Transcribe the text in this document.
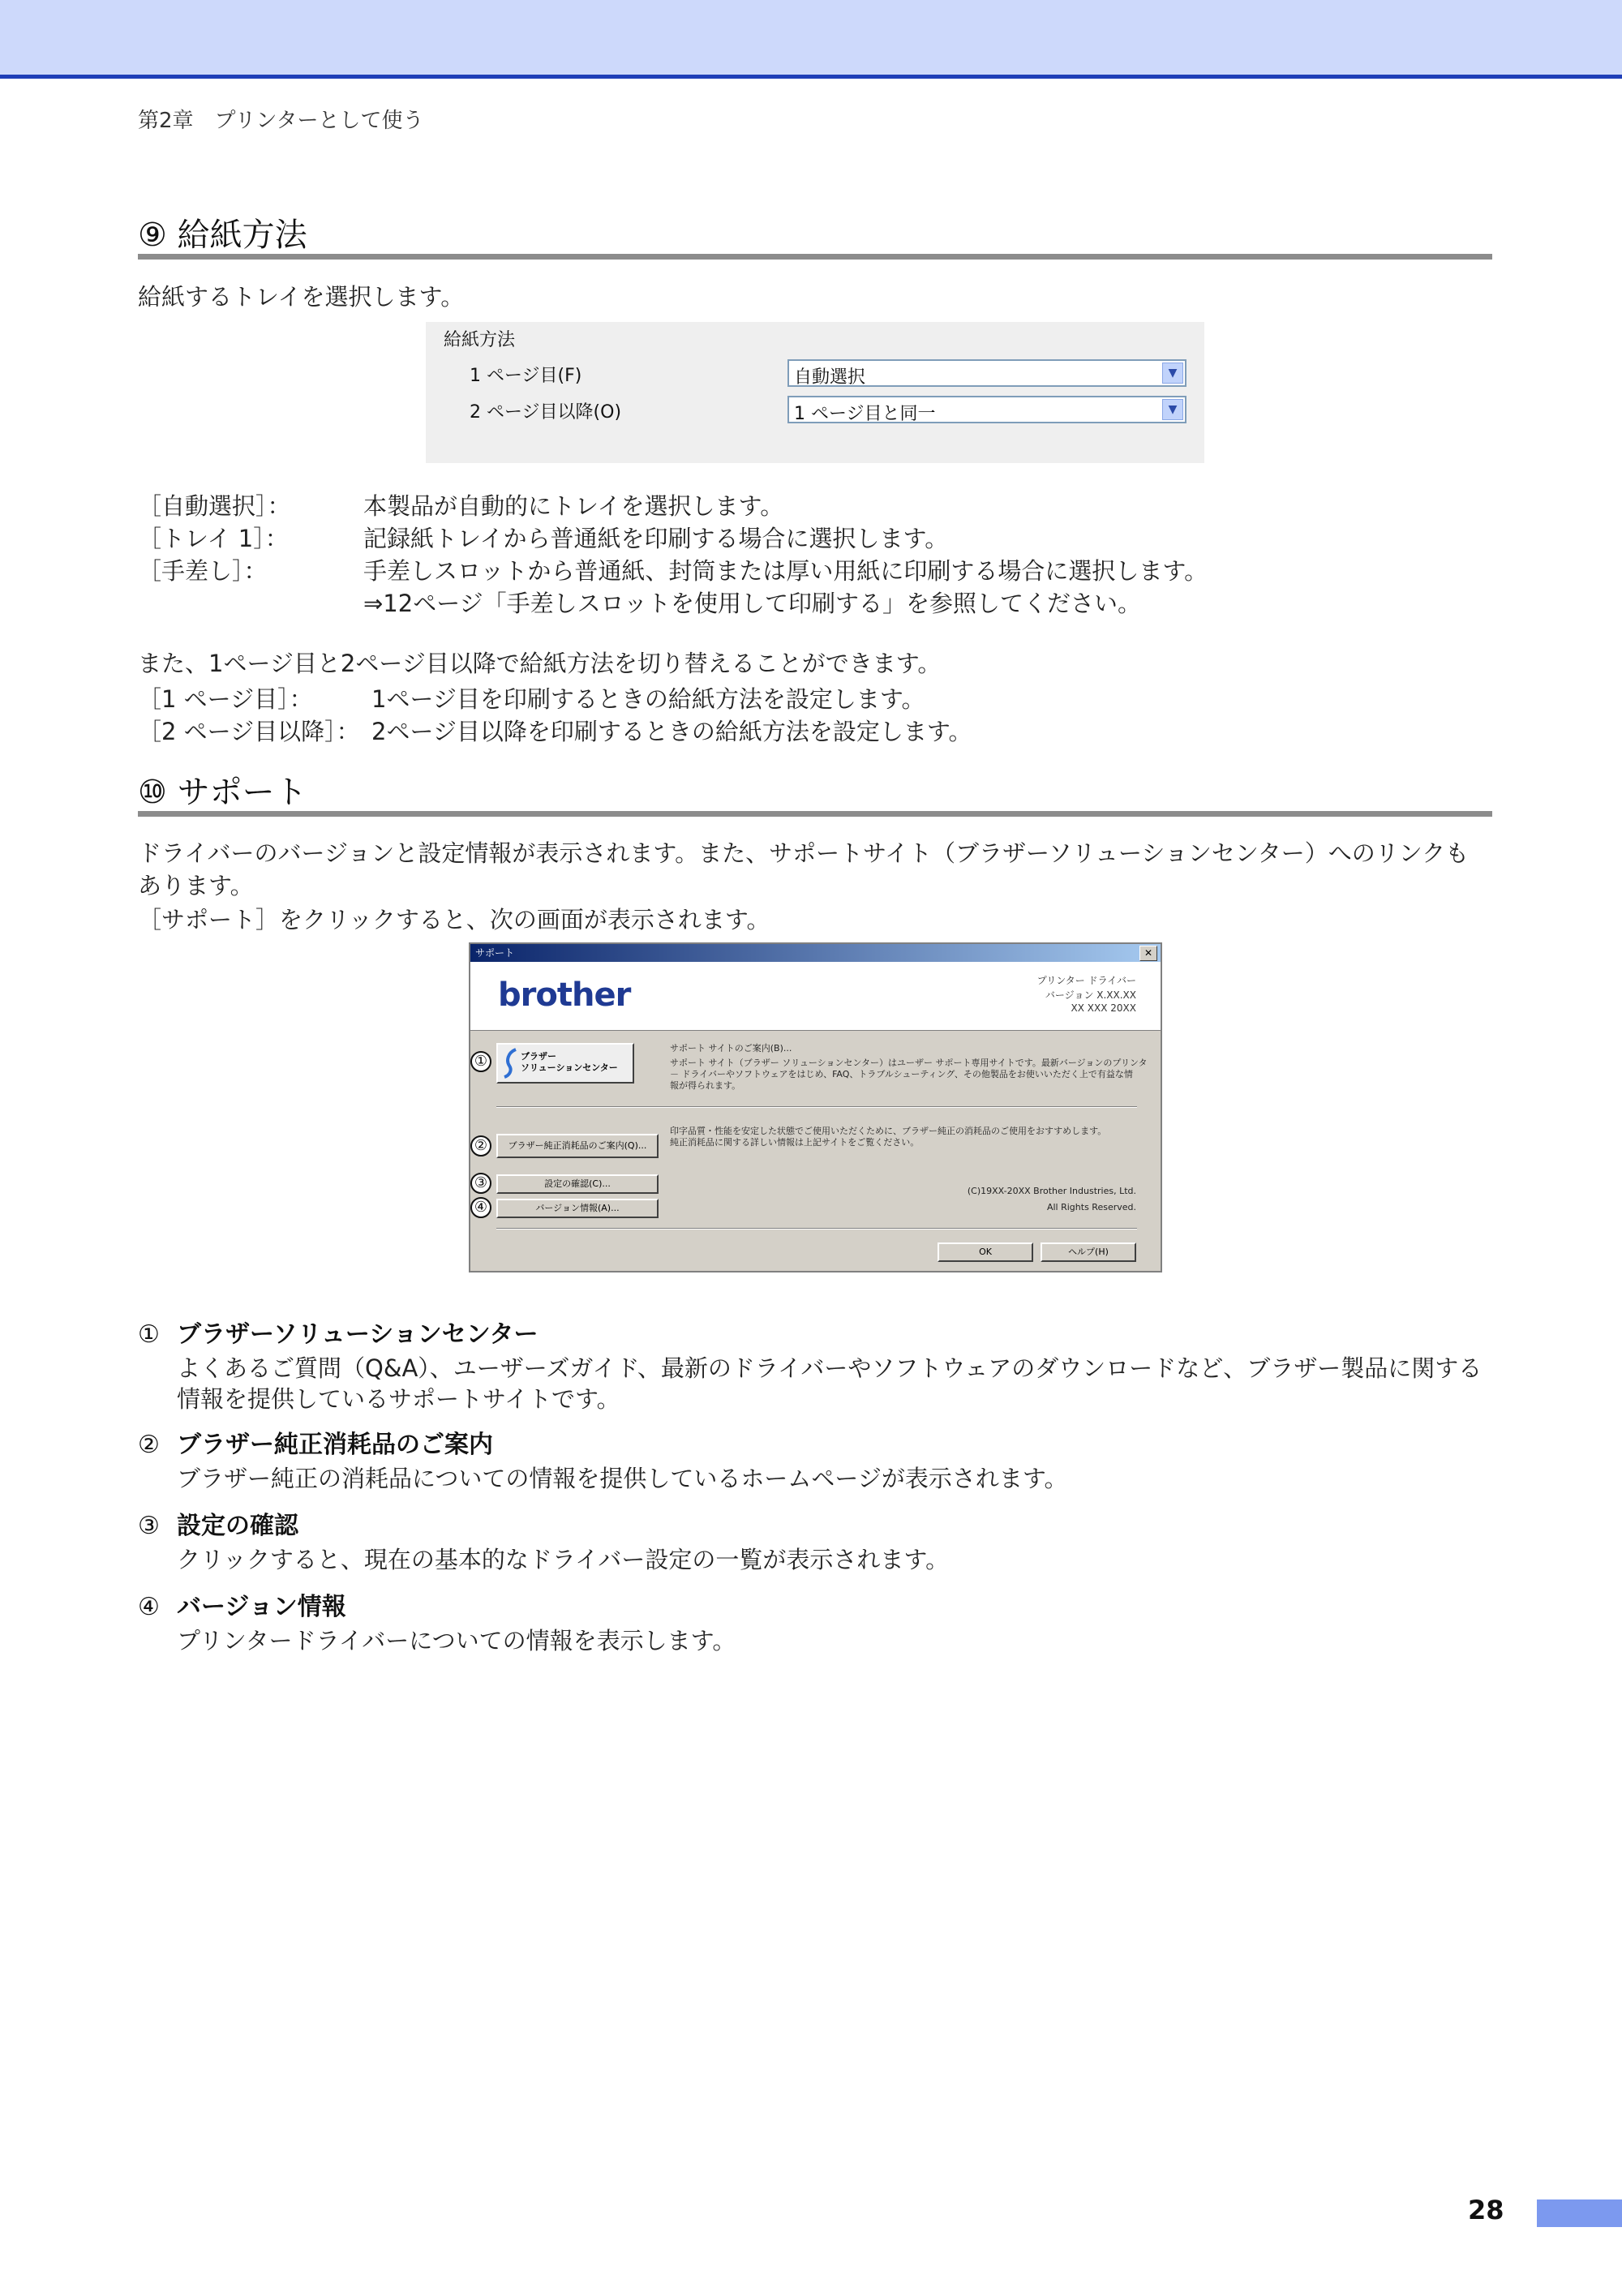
第2章　プリンターとして使う
⑨ 給紙方法
給紙するトレイを選択します。
給紙方法
1 ページ目(F)	自動選択	▼
2 ページ目以降(O)	1 ページ目と同一	▼
［自動選択］：	本製品が自動的にトレイを選択します。
［トレイ 1］：	記録紙トレイから普通紙を印刷する場合に選択します。
［手差し］：	手差しスロットから普通紙、封筒または厚い用紙に印刷する場合に選択します。
⇒12ページ「手差しスロットを使用して印刷する」を参照してください。
また、1ページ目と2ページ目以降で給紙方法を切り替えることができます。
［1 ページ目］： 1ページ目を印刷するときの給紙方法を設定します。
［2 ページ目以降］： 2ページ目以降を印刷するときの給紙方法を設定します。
⑩ サポート
ドライバーのバージョンと設定情報が表示されます。また、サポートサイト（ブラザーソリューションセンター）へのリンクもあります。
［サポート］をクリックすると、次の画面が表示されます。
サポート	✕
brother	プリンター ドライバー
バージョン X.XX.XX
XX XXX 20XX
①	ブラザー
ソリューションセンター
サポート サイトのご案内(B)...
サポート サイト（ブラザー ソリューションセンター）はユーザー サポート専用サイトです。最新バージョンのプリンタ
－ ドライバーやソフトウェアをはじめ、FAQ、トラブルシューティング、その他製品をお使いいただく上で有益な情
報が得られます。
②	ブラザー純正消耗品のご案内(Q)...
印字品質・性能を安定した状態でご使用いただくために、ブラザー純正の消耗品のご使用をおすすめします。
純正消耗品に関する詳しい情報は上記サイトをご覧ください。
③	設定の確認(C)...
④	バージョン情報(A)...
(C)19XX-20XX Brother Industries, Ltd.
All Rights Reserved.
OK	ヘルプ(H)
① ブラザーソリューションセンター
よくあるご質問（Q&A）、ユーザーズガイド、最新のドライバーやソフトウェアのダウンロードなど、ブラザー製品に関する情報を提供しているサポートサイトです。
② ブラザー純正消耗品のご案内
ブラザー純正の消耗品についての情報を提供しているホームページが表示されます。
③ 設定の確認
クリックすると、現在の基本的なドライバー設定の一覧が表示されます。
④ バージョン情報
プリンタードライバーについての情報を表示します。
28
